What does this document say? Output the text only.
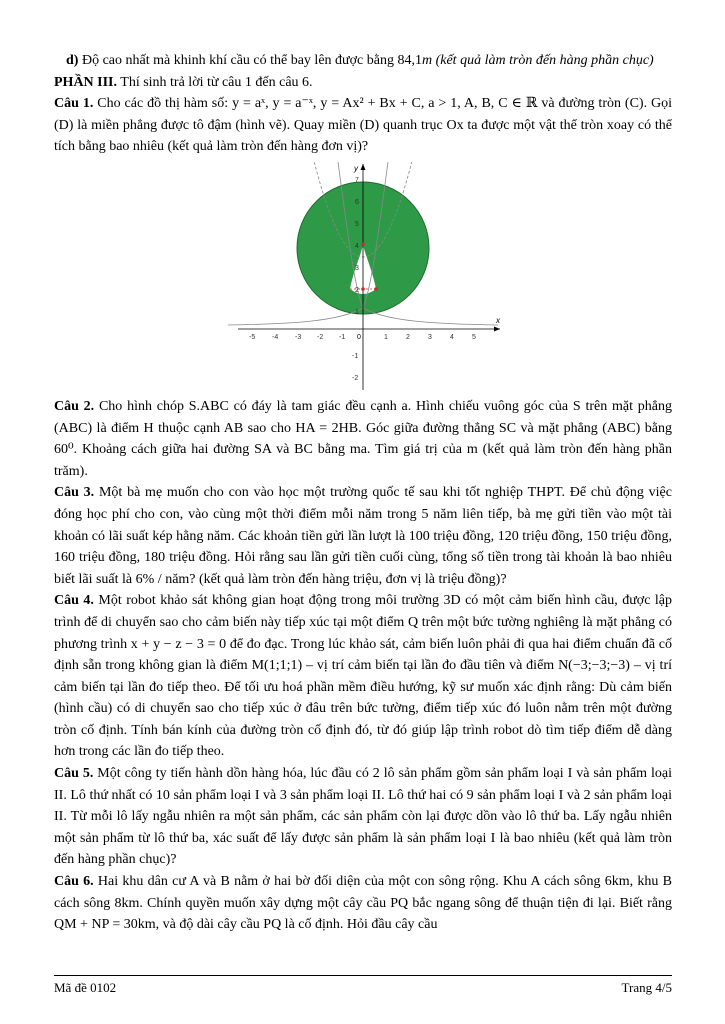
d) Độ cao nhất mà khinh khí cầu có thể bay lên được bằng 84,1m (kết quả làm tròn đến hàng phần chục)

PHẦN III. Thí sinh trả lời từ câu 1 đến câu 6.

Câu 1. Cho các đồ thị hàm số: y = aˣ, y = a⁻ˣ, y = Ax² + Bx + C, a > 1, A, B, C ∈ ℝ và đường tròn (C). Gọi (D) là miền phẳng được tô đậm (hình vẽ). Quay miền (D) quanh trục Ox ta được một vật thể tròn xoay có thể tích bằng bao nhiêu (kết quả làm tròn đến hàng đơn vị)?

x
y
0
-5 -4 -3 -2 -1	1	2	3	4	5
7
6
5
4
3
2
1
-1
-2

Câu 2. Cho hình chóp S.ABC có đáy là tam giác đều cạnh a. Hình chiếu vuông góc của S trên mặt phẳng (ABC) là điểm H thuộc cạnh AB sao cho HA = 2HB. Góc giữa đường thẳng SC và mặt phẳng (ABC) bằng 60⁰. Khoảng cách giữa hai đường SA và BC bằng ma. Tìm giá trị của m (kết quả làm tròn đến hàng phần trăm).

Câu 3. Một bà mẹ muốn cho con vào học một trường quốc tế sau khi tốt nghiệp THPT. Để chủ động việc đóng học phí cho con, vào cùng một thời điểm mỗi năm trong 5 năm liên tiếp, bà mẹ gửi tiền vào một tài khoản có lãi suất kép hằng năm. Các khoản tiền gửi lần lượt là 100 triệu đồng, 120 triệu đồng, 150 triệu đồng, 160 triệu đồng, 180 triệu đồng. Hỏi rằng sau lần gửi tiền cuối cùng, tổng số tiền trong tài khoản là bao nhiêu biết lãi suất là 6% / năm? (kết quả làm tròn đến hàng triệu, đơn vị là triệu đồng)?

Câu 4. Một robot khảo sát không gian hoạt động trong môi trường 3D có một cảm biến hình cầu, được lập trình để di chuyển sao cho cảm biến này tiếp xúc tại một điểm Q trên một bức tường nghiêng là mặt phẳng có phương trình x + y − z − 3 = 0 để đo đạc. Trong lúc khảo sát, cảm biến luôn phải đi qua hai điểm chuẩn đã cố định sẵn trong không gian là điểm M(1;1;1) – vị trí cảm biến tại lần đo đầu tiên và điểm N(−3;−3;−3) – vị trí cảm biến tại lần đo tiếp theo. Để tối ưu hoá phần mềm điều hướng, kỹ sư muốn xác định rằng: Dù cảm biến (hình cầu) có di chuyển sao cho tiếp xúc ở đâu trên bức tường, điểm tiếp xúc đó luôn nằm trên một đường tròn cố định. Tính bán kính của đường tròn cố định đó, từ đó giúp lập trình robot dò tìm tiếp điểm dễ dàng hơn trong các lần đo tiếp theo.

Câu 5. Một công ty tiến hành dồn hàng hóa, lúc đầu có 2 lô sản phẩm gồm sản phẩm loại I và sản phẩm loại II. Lô thứ nhất có 10 sản phẩm loại I và 3 sản phẩm loại II. Lô thứ hai có 9 sản phẩm loại I và 2 sản phẩm loại II. Từ mỗi lô lấy ngẫu nhiên ra một sản phẩm, các sản phẩm còn lại được dồn vào lô thứ ba. Lấy ngẫu nhiên một sản phẩm từ lô thứ ba, xác suất để lấy được sản phẩm là sản phẩm loại I là bao nhiêu (kết quả làm tròn đến hàng phần chục)?

Câu 6. Hai khu dân cư A và B nằm ở hai bờ đối diện của một con sông rộng. Khu A cách sông 6km, khu B cách sông 8km. Chính quyền muốn xây dựng một cây cầu PQ bắc ngang sông để thuận tiện đi lại. Biết rằng QM + NP = 30km, và độ dài cây cầu PQ là cố định. Hỏi đầu cây cầu

Mã đề 0102	Trang 4/5
